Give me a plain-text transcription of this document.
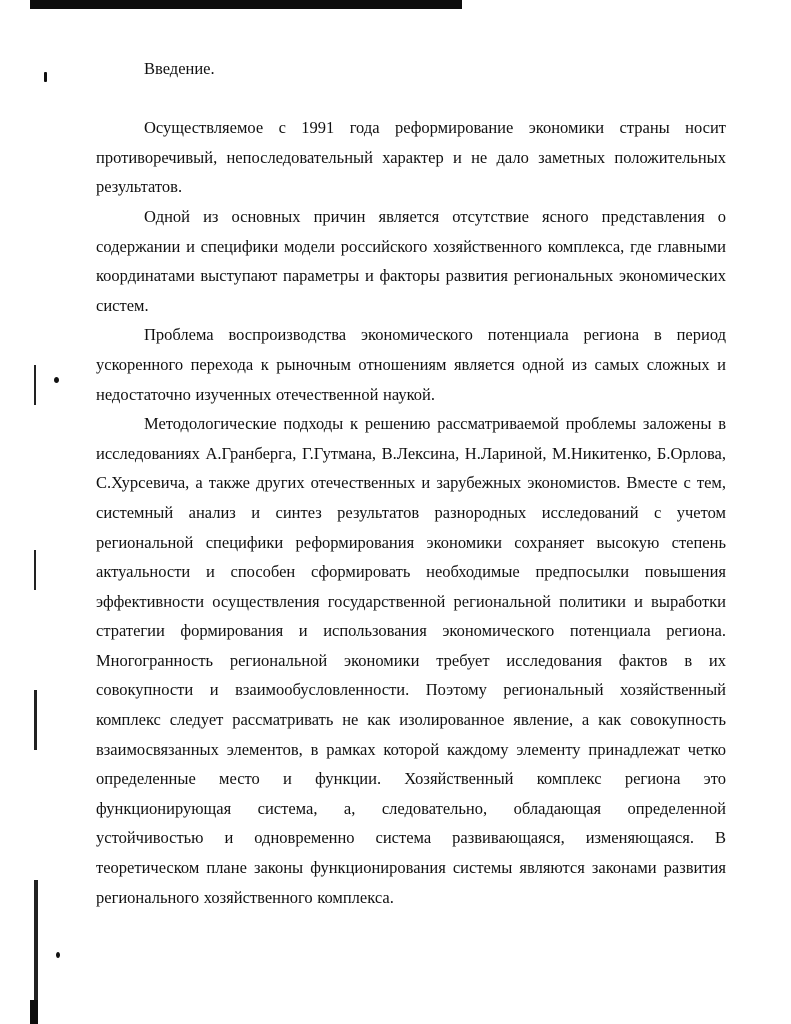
Введение.

Осуществляемое с 1991 года реформирование экономики страны носит противоречивый, непоследовательный характер и не дало заметных положительных результатов.

Одной из основных причин является отсутствие ясного представления о содержании и специфики модели российского хозяйственного комплекса, где главными координатами выступают параметры и факторы развития региональных экономических систем.

Проблема воспроизводства экономического потенциала региона в период ускоренного перехода к рыночным отношениям является одной из самых сложных и недостаточно изученных отечественной наукой.

Методологические подходы к решению рассматриваемой проблемы заложены в исследованиях А.Гранберга, Г.Гутмана, В.Лексина, Н.Лариной, М.Никитенко, Б.Орлова, С.Хурсевича, а также других отечественных и зарубежных экономистов. Вместе с тем, системный анализ и синтез результатов разнородных исследований с учетом региональной специфики реформирования экономики сохраняет высокую степень актуальности и способен сформировать необходимые предпосылки повышения эффективности осуществления государственной региональной политики и выработки стратегии формирования и использования экономического потенциала региона. Многогранность региональной экономики требует исследования фактов в их совокупности и взаимообусловленности. Поэтому региональный хозяйственный комплекс следует рассматривать не как изолированное явление, а как совокупность взаимосвязанных элементов, в рамках которой каждому элементу принадлежат четко определенные место и функции. Хозяйственный комплекс региона это функционирующая система, а, следовательно, обладающая определенной устойчивостью и одновременно система развивающаяся, изменяющаяся. В теоретическом плане законы функционирования системы являются законами развития регионального хозяйственного комплекса.
